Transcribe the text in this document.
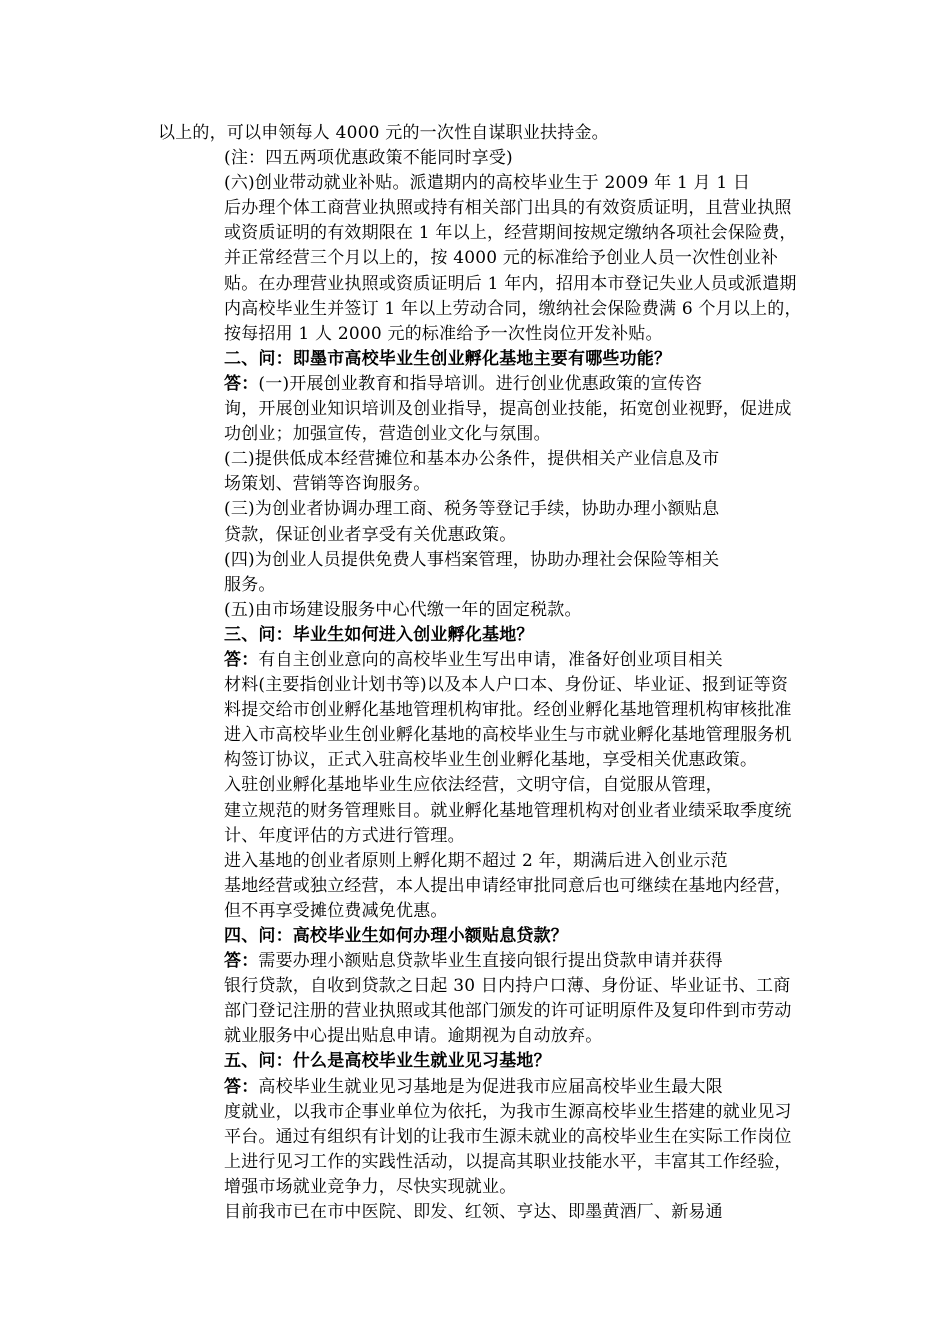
以上的，可以申领每人 4000 元的一次性自谋职业扶持金。
(注：四五两项优惠政策不能同时享受)
(六)创业带动就业补贴。派遣期内的高校毕业生于 2009 年 1 月 1 日
后办理个体工商营业执照或持有相关部门出具的有效资质证明，且营业执照
或资质证明的有效期限在 1 年以上，经营期间按规定缴纳各项社会保险费，
并正常经营三个月以上的，按 4000 元的标准给予创业人员一次性创业补
贴。在办理营业执照或资质证明后 1 年内，招用本市登记失业人员或派遣期
内高校毕业生并签订 1 年以上劳动合同，缴纳社会保险费满 6 个月以上的，
按每招用 1 人 2000 元的标准给予一次性岗位开发补贴。
二、问：即墨市高校毕业生创业孵化基地主要有哪些功能？
答：(一)开展创业教育和指导培训。进行创业优惠政策的宣传咨
询，开展创业知识培训及创业指导，提高创业技能，拓宽创业视野，促进成
功创业；加强宣传，营造创业文化与氛围。
(二)提供低成本经营摊位和基本办公条件，提供相关产业信息及市
场策划、营销等咨询服务。
(三)为创业者协调办理工商、税务等登记手续，协助办理小额贴息
贷款，保证创业者享受有关优惠政策。
(四)为创业人员提供免费人事档案管理，协助办理社会保险等相关
服务。
(五)由市场建设服务中心代缴一年的固定税款。
三、问：毕业生如何进入创业孵化基地？
答：有自主创业意向的高校毕业生写出申请，准备好创业项目相关
材料(主要指创业计划书等)以及本人户口本、身份证、毕业证、报到证等资
料提交给市创业孵化基地管理机构审批。经创业孵化基地管理机构审核批准
进入市高校毕业生创业孵化基地的高校毕业生与市就业孵化基地管理服务机
构签订协议，正式入驻高校毕业生创业孵化基地，享受相关优惠政策。
入驻创业孵化基地毕业生应依法经营，文明守信，自觉服从管理，
建立规范的财务管理账目。就业孵化基地管理机构对创业者业绩采取季度统
计、年度评估的方式进行管理。
进入基地的创业者原则上孵化期不超过 2 年，期满后进入创业示范
基地经营或独立经营，本人提出申请经审批同意后也可继续在基地内经营，
但不再享受摊位费减免优惠。
四、问：高校毕业生如何办理小额贴息贷款？
答：需要办理小额贴息贷款毕业生直接向银行提出贷款申请并获得
银行贷款，自收到贷款之日起 30 日内持户口薄、身份证、毕业证书、工商
部门登记注册的营业执照或其他部门颁发的许可证明原件及复印件到市劳动
就业服务中心提出贴息申请。逾期视为自动放弃。
五、问：什么是高校毕业生就业见习基地？
答：高校毕业生就业见习基地是为促进我市应届高校毕业生最大限
度就业，以我市企事业单位为依托，为我市生源高校毕业生搭建的就业见习
平台。通过有组织有计划的让我市生源未就业的高校毕业生在实际工作岗位
上进行见习工作的实践性活动，以提高其职业技能水平，丰富其工作经验，
增强市场就业竞争力，尽快实现就业。
目前我市已在市中医院、即发、红领、亨达、即墨黄酒厂、新易通
